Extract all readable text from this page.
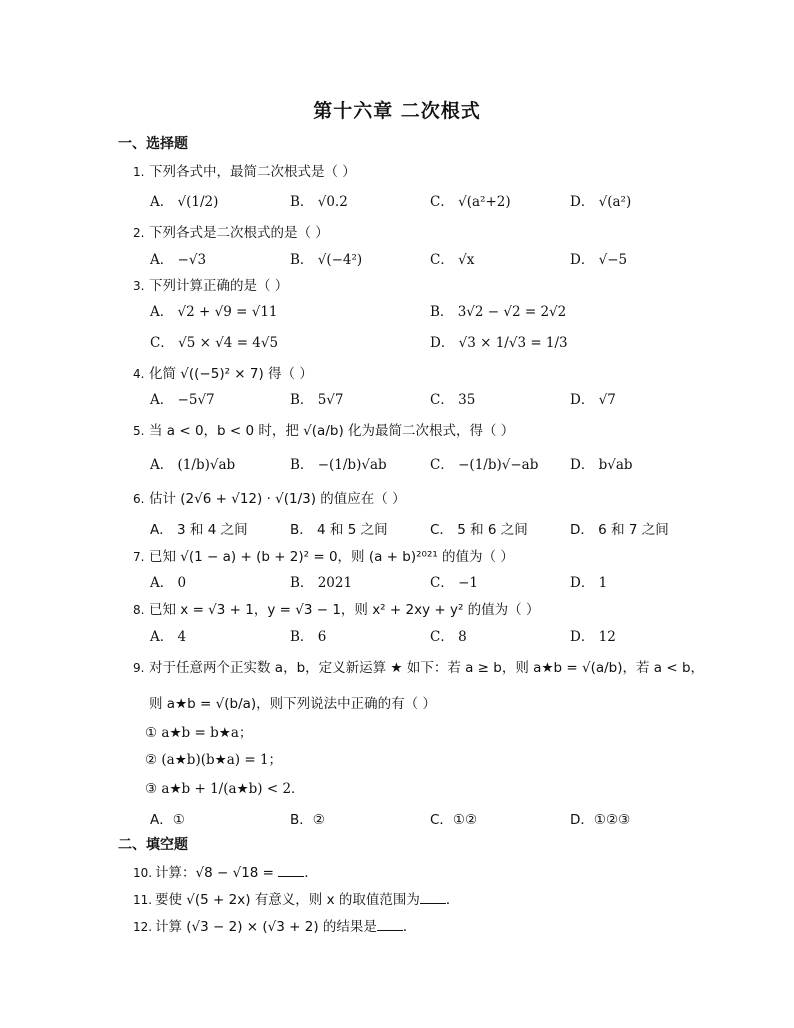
第十六章 二次根式
一、选择题
1. 下列各式中，最简二次根式是（ ）
A． √(1/2)	B． √0.2	C． √(a²+2)	D． √(a²)
2. 下列各式是二次根式的是（ ）
A． −√3	B． √(−4²)	C． √x	D． √−5
3. 下列计算正确的是（ ）
A． √2 + √9 = √11	B． 3√2 − √2 = 2√2
C． √5 × √4 = 4√5	D． √3 × 1/√3 = 1/3
4. 化简 √((−5)² × 7) 得（ ）
A． −5√7	B． 5√7	C． 35	D． √7
5. 当 a < 0，b < 0 时，把 √(a/b) 化为最简二次根式，得（ ）
A． (1/b)√ab	B． −(1/b)√ab	C． −(1/b)√−ab D． b√ab
6. 估计 (2√6 + √12) · √(1/3) 的值应在（ ）
A． 3 和 4 之间	B． 4 和 5 之间	C． 5 和 6 之间	D． 6 和 7 之间
7. 已知 √(1 − a) + (b + 2)² = 0，则 (a + b)²⁰²¹ 的值为（ ）
A． 0	B． 2021	C． −1	D． 1
8. 已知 x = √3 + 1，y = √3 − 1，则 x² + 2xy + y² 的值为（ ）
A． 4	B． 6	C． 8	D． 12
9. 对于任意两个正实数 a，b，定义新运算 ★ 如下：若 a ≥ b，则 a★b = √(a/b)，若 a < b，
则 a★b = √(b/a)，则下列说法中正确的有（ ）
① a★b = b★a；
② (a★b)(b★a) = 1；
③ a★b + 1/(a★b) < 2．
A．①	B．②	C．①②	D．①②③
二、填空题
10. 计算：√8 − √18 = ．
11. 要使 √(5 + 2x) 有意义，则 x 的取值范围为 ．
12. 计算 (√3 − 2) × (√3 + 2) 的结果是 ．
